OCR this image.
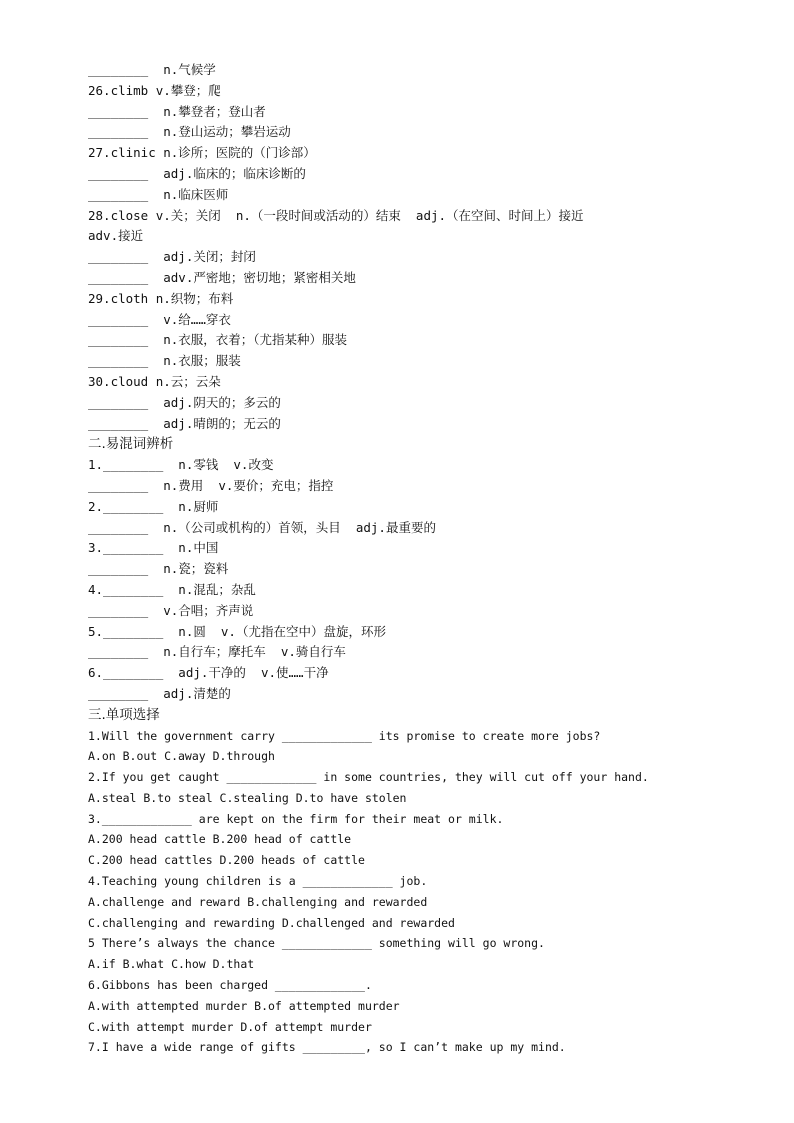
________  n.气候学
26.climb v.攀登；爬
________  n.攀登者；登山者
________  n.登山运动；攀岩运动
27.clinic n.诊所；医院的（门诊部）
________  adj.临床的；临床诊断的
________  n.临床医师
28.close v.关；关闭  n.（一段时间或活动的）结束  adj.（在空间、时间上）接近
adv.接近
________  adj.关闭；封闭
________  adv.严密地；密切地；紧密相关地
29.cloth n.织物；布料
________  v.给……穿衣
________  n.衣服，衣着；（尤指某种）服装
________  n.衣服；服装
30.cloud n.云；云朵
________  adj.阴天的；多云的
________  adj.晴朗的；无云的
二.易混词辨析
1.________  n.零钱  v.改变
________  n.费用  v.要价；充电；指控
2.________  n.厨师
________  n.（公司或机构的）首领，头目  adj.最重要的
3.________  n.中国
________  n.瓷；瓷料
4.________  n.混乱；杂乱
________  v.合唱；齐声说
5.________  n.圆  v.（尤指在空中）盘旋，环形
________  n.自行车；摩托车  v.骑自行车
6.________  adj.干净的  v.使……干净
________  adj.清楚的
三.单项选择
1.Will the government carry _____________ its promise to create more jobs?
A.on B.out C.away D.through
2.If you get caught _____________ in some countries, they will cut off your hand.
A.steal B.to steal C.stealing D.to have stolen
3._____________ are kept on the firm for their meat or milk.
A.200 head cattle B.200 head of cattle
C.200 head cattles D.200 heads of cattle
4.Teaching young children is a _____________ job.
A.challenge and reward B.challenging and rewarded
C.challenging and rewarding D.challenged and rewarded
5 There’s always the chance _____________ something will go wrong.
A.if B.what C.how D.that
6.Gibbons has been charged _____________.
A.with attempted murder B.of attempted murder
C.with attempt murder D.of attempt murder
7.I have a wide range of gifts _________, so I can’t make up my mind.
